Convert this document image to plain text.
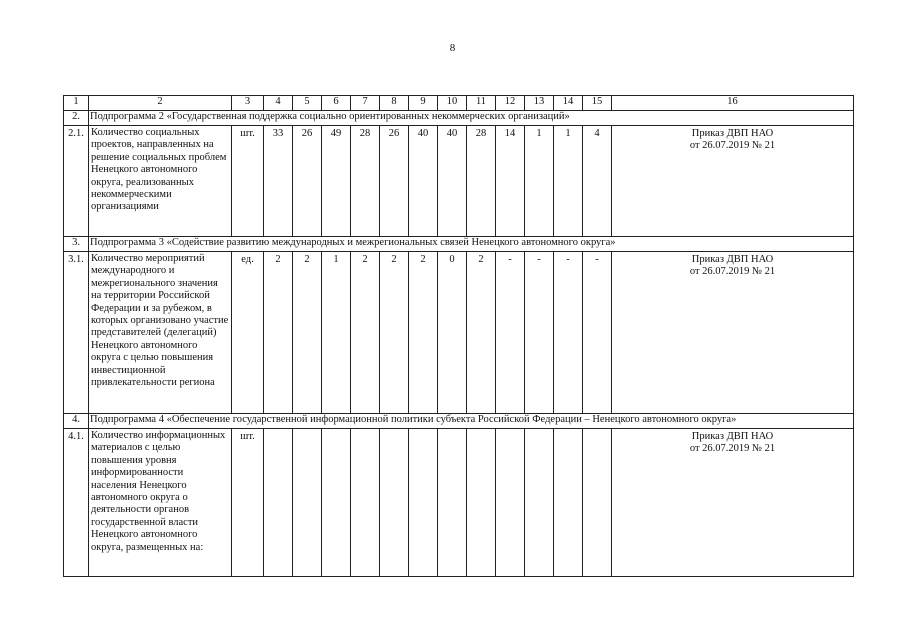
8
1	2	3	4	5	6	7	8	9	10	11	12	13	14	15	16
2.	Подпрограмма 2 «Государственная поддержка социально ориентированных некоммерческих организаций»														
2.1.	Количество социальных проектов, направленных на решение социальных проблем Ненецкого автономного округа, реализованных некоммерческими организациями	шт.	33	26	49	28	26	40	40	28	14	1	1	4	Приказ ДВП НАО
от 26.07.2019 № 21

3.	Подпрограмма 3 «Содействие развитию международных и межрегиональных связей Ненецкого автономного округа»														
3.1.	Количество мероприятий международного и межрегионального значения на территории Российской Федерации и за рубежом, в которых организовано участие представителей (делегаций) Ненецкого автономного округа с целью повышения инвестиционной привлекательности региона	ед.	2	2	1	2	2	2	0	2	-	-	-	-	Приказ ДВП НАО
от 26.07.2019 № 21

4.	Подпрограмма 4 «Обеспечение государственной информационной политики субъекта Российской Федерации – Ненецкого автономного округа»														
4.1.	Количество информационных материалов с целью повышения уровня информированности населения Ненецкого автономного округа о деятельности органов государственной власти Ненецкого автономного округа, размещенных на:	шт.													Приказ ДВП НАО
от 26.07.2019 № 21
